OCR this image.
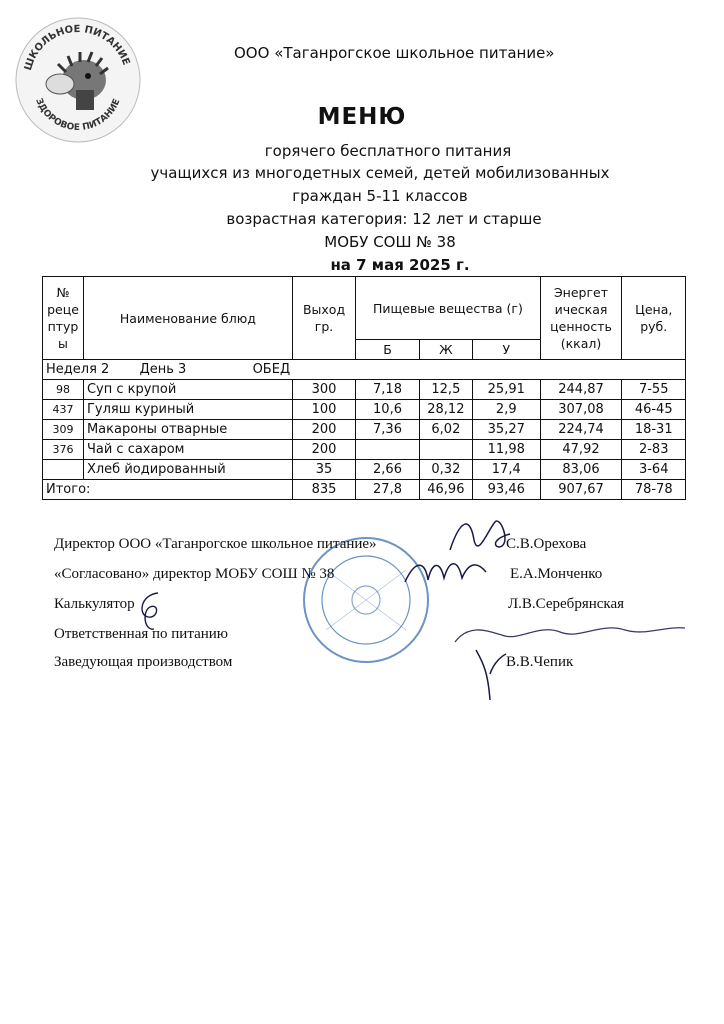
ШКОЛЬНОЕ ПИТАНИЕ
ЗДОРОВОЕ ПИТАНИЕ
ООО «Таганрогское школьное питание»
МЕНЮ
горячего бесплатного питания
учащихся из многодетных семей, детей мобилизованных
граждан 5-11 классов
возрастная категория: 12 лет и старше
МОБУ СОШ № 38
на 7 мая 2025 г.
№ реце птур ы	Наименование блюд	Выход гр.	Пищевые вещества (г)			Энергет ическая ценность (ккал)	Цена, руб.
			Б	Ж	У		
Неделя 2 День 3 ОБЕД							
98	Суп с крупой	300	7,18	12,5	25,91	244,87	7-55
437	Гуляш куриный	100	10,6	28,12	2,9	307,08	46-45
309	Макароны отварные	200	7,36	6,02	35,27	224,74	18-31
376	Чай с сахаром	200			11,98	47,92	2-83
	Хлеб йодированный	35	2,66	0,32	17,4	83,06	3-64
Итого:		835	27,8	46,96	93,46	907,67	78-78
Директор ООО «Таганрогское школьное питание»	С.В.Орехова
«Согласовано» директор МОБУ СОШ № 38	Е.А.Монченко
Калькулятор	Л.В.Серебрянская
Ответственная по питанию
Заведующая производством	В.В.Чепик
